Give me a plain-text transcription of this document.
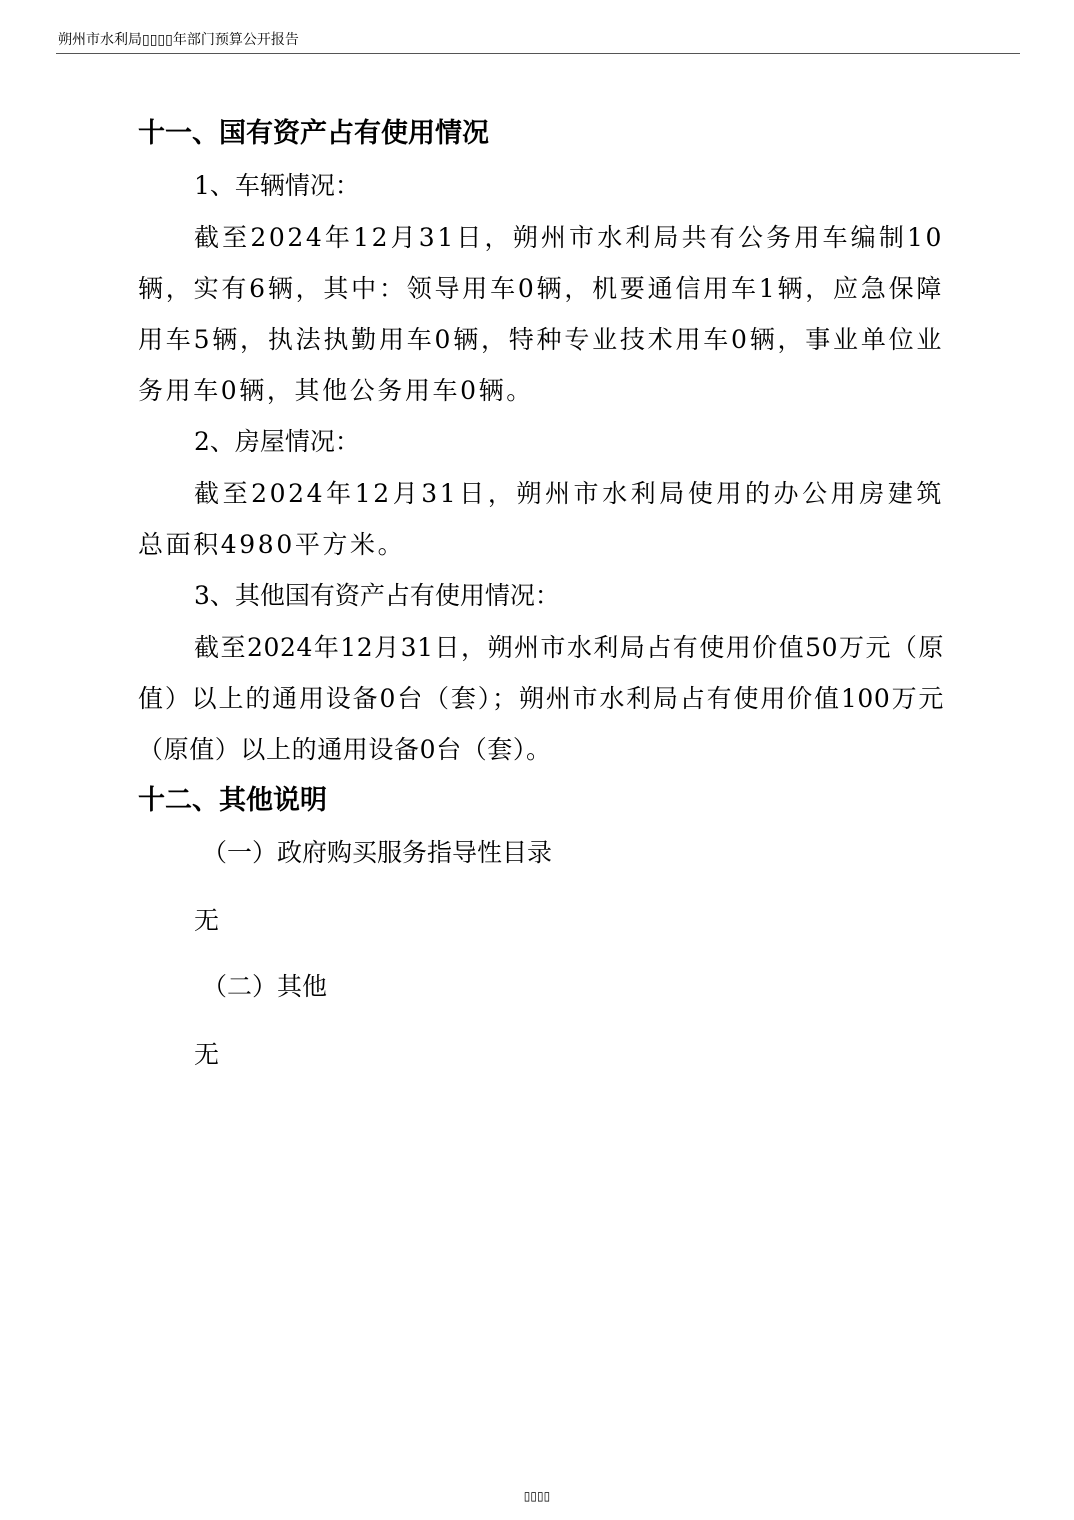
朔州市水利局▯▯▯▯年部门预算公开报告
十一、国有资产占有使用情况

1、车辆情况：

截至2024年12月31日，朔州市水利局共有公务用车编制10辆，实有6辆，其中：领导用车0辆，机要通信用车1辆，应急保障用车5辆，执法执勤用车0辆，特种专业技术用车0辆，事业单位业务用车0辆，其他公务用车0辆。

2、房屋情况：

截至2024年12月31日，朔州市水利局使用的办公用房建筑总面积4980平方米。

3、其他国有资产占有使用情况：

截至2024年12月31日，朔州市水利局占有使用价值50万元（原值）以上的通用设备0台（套）；朔州市水利局占有使用价值100万元（原值）以上的通用设备0台（套）。

十二、其他说明

（一）政府购买服务指导性目录

无

（二）其他

无

▯▯▯▯
